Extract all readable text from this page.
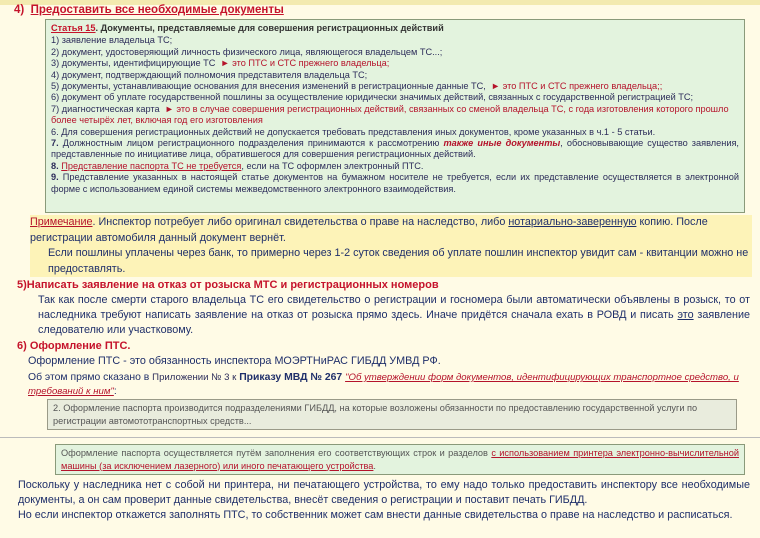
4) Предоставить все необходимые документы
Статья 15. Документы, представляемые для совершения регистрационных действий
1) заявление владельца ТС;
2) документ, удостоверяющий личность физического лица, являющегося владельцем ТС...;
3) документы, идентифицирующие ТС ► это ПТС и СТС прежнего владельца;
4) документ, подтверждающий полномочия представителя владельца ТС;
5) документы, устанавливающие основания для внесения изменений в регистрационные данные ТС, ► это ПТС и СТС прежнего владельца;;
6) документ об уплате государственной пошлины за осуществление юридически значимых действий, связанных с государственной регистрацией ТС;
7) диагностическая карта ► это в случае совершения регистрационных действий, связанных со сменой владельца ТС, с года изготовления которого прошло более четырёх лет, включая год его изготовления
6. Для совершения регистрационных действий не допускается требовать представления иных документов, кроме указанных в ч.1 - 5 статьи.
7. Должностным лицом регистрационного подразделения принимаются к рассмотрению также иные документы, обосновывающие существо заявления, представленные по инициативе лица, обратившегося для совершения регистрационных действий.
8. Представление паспорта ТС не требуется, если на ТС оформлен электронный ПТС.
9. Представление указанных в настоящей статье документов на бумажном носителе не требуется, если их представление осуществляется в электронной форме с использованием единой системы межведомственного электронного взаимодействия.
Примечание. Инспектор потребует либо оригинал свидетельства о праве на наследство, либо нотариально-заверенную копию. После регистрации автомобиля данный документ вернёт.
Если пошлины уплачены через банк, то примерно через 1-2 суток сведения об уплате пошлин инспектор увидит сам - квитанции можно не предоставлять.
5)Написать заявление на отказ от розыска МТС и регистрационных номеров
Так как после смерти старого владельца ТС его свидетельство о регистрации и госномера были автоматически объявлены в розыск, то от наследника требуют написать заявление на отказ от розыска прямо здесь. Иначе придётся сначала ехать в РОВД и писать это заявление следователю или участковому.
6) Оформление ПТС.
Оформление ПТС - это обязанность инспектора МОЭРТНиРАС ГИБДД УМВД РФ.
Об этом прямо сказано в Приложении № 3 к Приказу МВД № 267 "Об утверждении форм документов, идентифицирующих транспортное средство, и требований к ним":
2. Оформление паспорта производится подразделениями ГИБДД, на которые возложены обязанности по предоставлению государственной услуги по регистрации автомототранспортных средств...
Оформление паспорта осуществляется путём заполнения его соответствующих строк и разделов с использованием принтера электронно-вычислительной машины (за исключением лазерного) или иного печатающего устройства.

Поскольку у наследника нет с собой ни принтера, ни печатающего устройства, то ему надо только предоставить инспектору все необходимые документы, а он сам проверит данные свидетельства, внесёт сведения о регистрации и поставит печать ГИБДД.

Но если инспектор откажется заполнять ПТС, то собственник может сам внести данные свидетельства о праве на наследство и расписаться.
